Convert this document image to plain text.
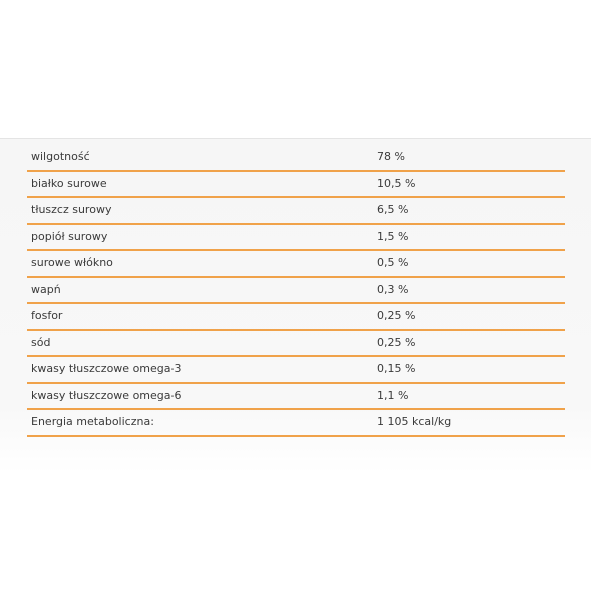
wilgotność	78 %
białko surowe	10,5 %
tłuszcz surowy	6,5 %
popiół surowy	1,5 %
surowe włókno	0,5 %
wapń	0,3 %
fosfor	0,25 %
sód	0,25 %
kwasy tłuszczowe omega-3	0,15 %
kwasy tłuszczowe omega-6	1,1 %
Energia metaboliczna:	1 105 kcal/kg
